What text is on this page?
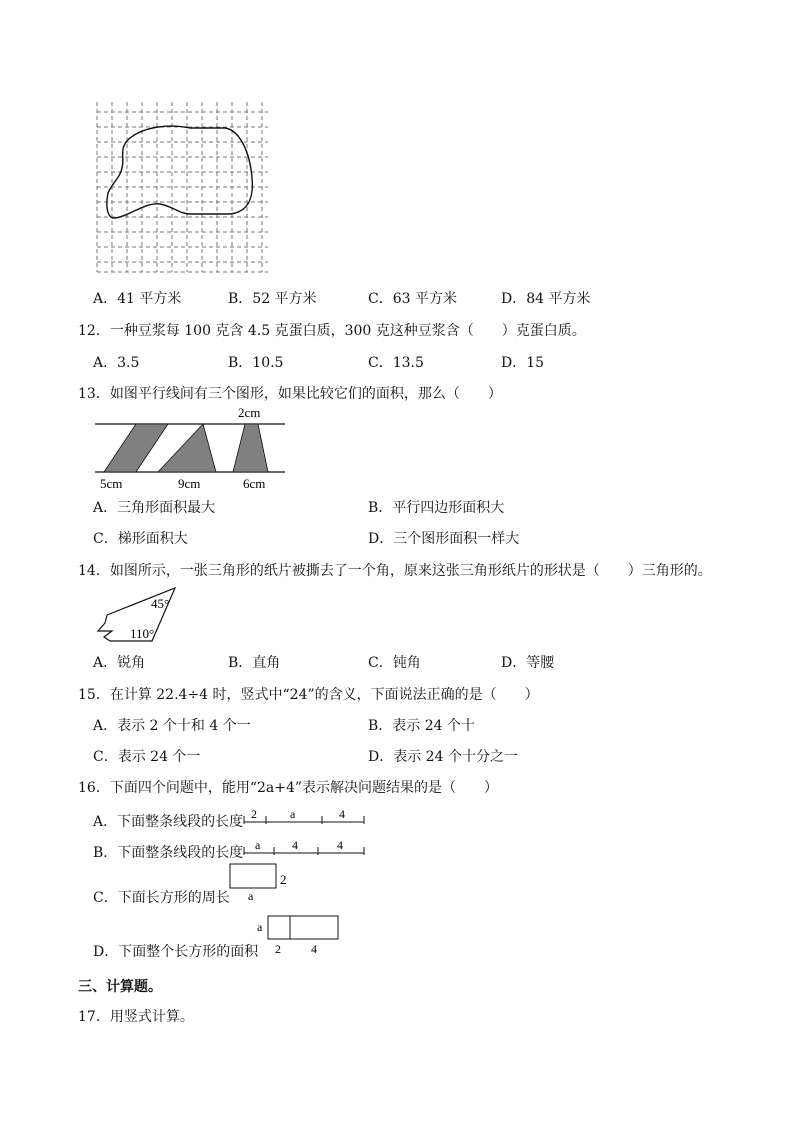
A．41 平方米	B．52 平方米	C．63 平方米	D．84 平方米
12．一种豆浆每 100 克含 4.5 克蛋白质，300 克这种豆浆含（　　）克蛋白质。
A．3.5	B．10.5	C．13.5	D．15
13．如图平行线间有三个图形，如果比较它们的面积，那么（　　）
2cm
5cm	9cm	6cm
A．三角形面积最大	B．平行四边形面积大
C．梯形面积大	D．三个图形面积一样大
14．如图所示，一张三角形的纸片被撕去了一个角，原来这张三角形纸片的形状是（　　）三角形的。
45°
110°
A．锐角	B．直角	C．钝角	D．等腰
15．在计算 22.4÷4 时，竖式中“24”的含义，下面说法正确的是（　　）
A．表示 2 个十和 4 个一	B．表示 24 个十
C．表示 24 个一	D．表示 24 个十分之一
16．下面四个问题中，能用“2a+4”表示解决问题结果的是（　　）
A．下面整条线段的长度 2	a	4
B．下面整条线段的长度 a	4	4
C．下面长方形的周长
2
a
D．下面整个长方形的面积
a
2	4
三、计算题。
17．用竖式计算。
